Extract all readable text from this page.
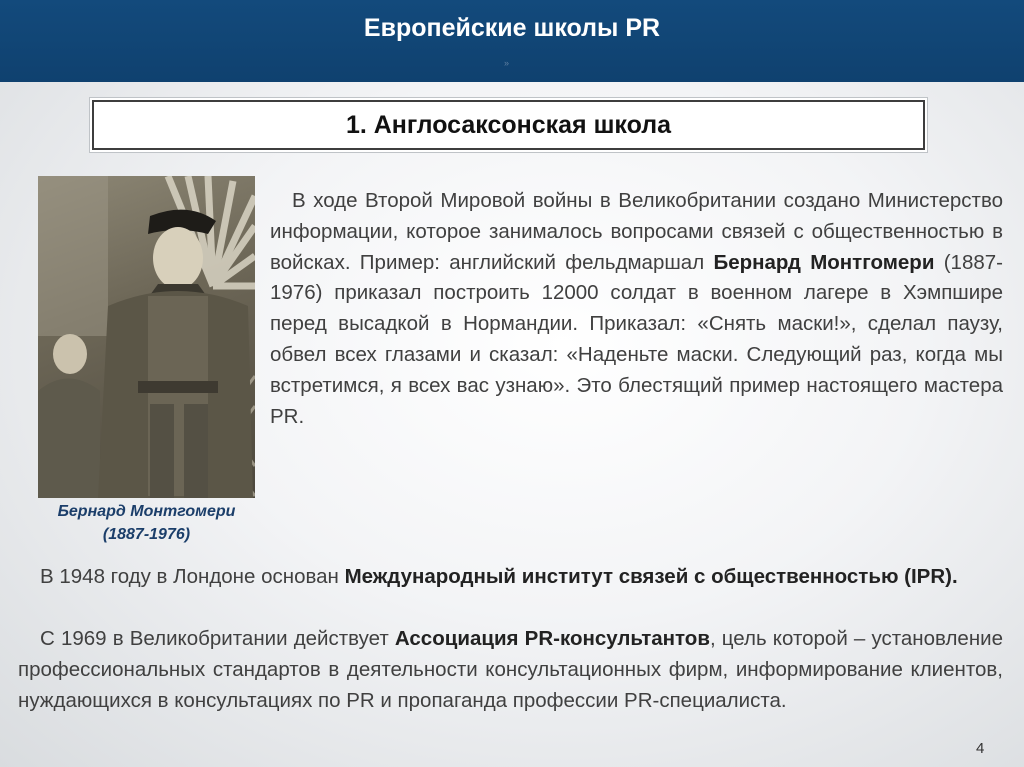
Европейские школы PR
»
1. Англосаксонская школа
Бернард Монтгомери
(1887-1976)

В ходе Второй Мировой войны в Великобритании создано Министерство информации, которое занималось вопросами связей с общественностью в войсках. Пример: английский фельдмаршал Бернард Монтгомери (1887-1976) приказал построить 12000 солдат в военном лагере в Хэмпшире перед высадкой в Нормандии. Приказал: «Снять маски!», сделал паузу, обвел всех глазами и сказал: «Наденьте маски. Следующий раз, когда мы встретимся, я всех вас узнаю». Это блестящий пример настоящего мастера PR.

В 1948 году в Лондоне основан Международный институт связей с общественностью (IPR).

С 1969 в Великобритании действует Ассоциация PR-консультантов, цель которой – установление профессиональных стандартов в деятельности консультационных фирм, информирование клиентов, нуждающихся в консультациях по PR и пропаганда профессии PR-специалиста.

4
